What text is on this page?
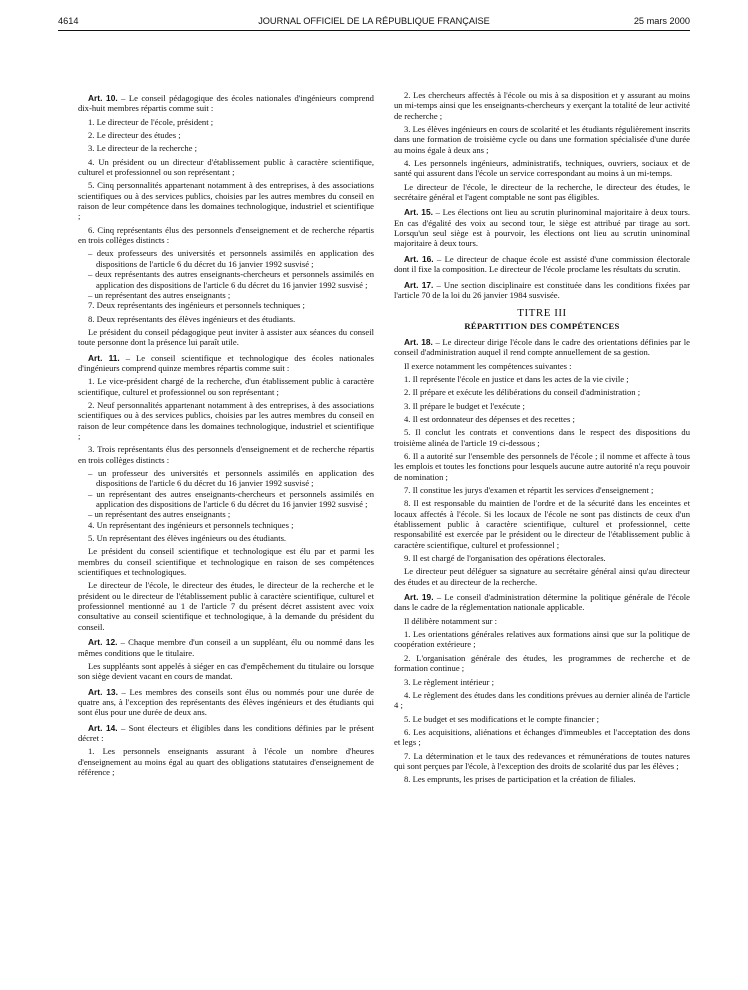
4614	JOURNAL OFFICIEL DE LA RÉPUBLIQUE FRANÇAISE	25 mars 2000

Art. 10. – Le conseil pédagogique des écoles nationales d'ingénieurs comprend dix-huit membres répartis comme suit :

1. Le directeur de l'école, président ;

2. Le directeur des études ;

3. Le directeur de la recherche ;

4. Un président ou un directeur d'établissement public à caractère scientifique, culturel et professionnel ou son représentant ;

5. Cinq personnalités appartenant notamment à des entreprises, à des associations scientifiques ou à des services publics, choisies par les autres membres du conseil en raison de leur compétence dans les domaines technologique, industriel et scientifique ;

6. Cinq représentants élus des personnels d'enseignement et de recherche répartis en trois collèges distincts :

– deux professeurs des universités et personnels assimilés en application des dispositions de l'article 6 du décret du 16 janvier 1992 susvisé ;

– deux représentants des autres enseignants-chercheurs et personnels assimilés en application des dispositions de l'article 6 du décret du 16 janvier 1992 susvisé ;

– un représentant des autres enseignants ;

7. Deux représentants des ingénieurs et personnels techniques ;

8. Deux représentants des élèves ingénieurs et des étudiants.

Le président du conseil pédagogique peut inviter à assister aux séances du conseil toute personne dont la présence lui paraît utile.

Art. 11. – Le conseil scientifique et technologique des écoles nationales d'ingénieurs comprend quinze membres répartis comme suit :

1. Le vice-président chargé de la recherche, d'un établissement public à caractère scientifique, culturel et professionnel ou son représentant ;

2. Neuf personnalités appartenant notamment à des entreprises, à des associations scientifiques ou à des services publics, choisies par les autres membres du conseil en raison de leur compétence dans les domaines technologique, industriel et scientifique ;

3. Trois représentants élus des personnels d'enseignement et de recherche répartis en trois collèges distincts :

– un professeur des universités et personnels assimilés en application des dispositions de l'article 6 du décret du 16 janvier 1992 susvisé ;

– un représentant des autres enseignants-chercheurs et personnels assimilés en application des dispositions de l'article 6 du décret du 16 janvier 1992 susvisé ;

– un représentant des autres enseignants ;

4. Un représentant des ingénieurs et personnels techniques ;

5. Un représentant des élèves ingénieurs ou des étudiants.

Le président du conseil scientifique et technologique est élu par et parmi les membres du conseil scientifique et technologique en raison de ses compétences scientifiques et technologiques.

Le directeur de l'école, le directeur des études, le directeur de la recherche et le président ou le directeur de l'établissement public à caractère scientifique, culturel et professionnel mentionné au 1 de l'article 7 du présent décret assistent avec voix consultative au conseil scientifique et technologique, à la demande du président du conseil.

Art. 12. – Chaque membre d'un conseil a un suppléant, élu ou nommé dans les mêmes conditions que le titulaire.

Les suppléants sont appelés à siéger en cas d'empêchement du titulaire ou lorsque son siège devient vacant en cours de mandat.

Art. 13. – Les membres des conseils sont élus ou nommés pour une durée de quatre ans, à l'exception des représentants des élèves ingénieurs et des étudiants qui sont élus pour une durée de deux ans.

Art. 14. – Sont électeurs et éligibles dans les conditions définies par le présent décret :

1. Les personnels enseignants assurant à l'école un nombre d'heures d'enseignement au moins égal au quart des obligations statutaires d'enseignement de référence ;

2. Les chercheurs affectés à l'école ou mis à sa disposition et y assurant au moins un mi-temps ainsi que les enseignants-chercheurs y exerçant la totalité de leur activité de recherche ;

3. Les élèves ingénieurs en cours de scolarité et les étudiants régulièrement inscrits dans une formation de troisième cycle ou dans une formation spécialisée d'une durée au moins égale à deux ans ;

4. Les personnels ingénieurs, administratifs, techniques, ouvriers, sociaux et de santé qui assurent dans l'école un service correspondant au moins à un mi-temps.

Le directeur de l'école, le directeur de la recherche, le directeur des études, le secrétaire général et l'agent comptable ne sont pas éligibles.

Art. 15. – Les élections ont lieu au scrutin plurinominal majoritaire à deux tours. En cas d'égalité des voix au second tour, le siège est attribué par tirage au sort. Lorsqu'un seul siège est à pourvoir, les élections ont lieu au scrutin uninominal majoritaire à deux tours.

Art. 16. – Le directeur de chaque école est assisté d'une commission électorale dont il fixe la composition. Le directeur de l'école proclame les résultats du scrutin.

Art. 17. – Une section disciplinaire est constituée dans les conditions fixées par l'article 70 de la loi du 26 janvier 1984 susvisée.

TITRE III

RÉPARTITION DES COMPÉTENCES

Art. 18. – Le directeur dirige l'école dans le cadre des orientations définies par le conseil d'administration auquel il rend compte annuellement de sa gestion.

Il exerce notamment les compétences suivantes :

1. Il représente l'école en justice et dans les actes de la vie civile ;

2. Il prépare et exécute les délibérations du conseil d'administration ;

3. Il prépare le budget et l'exécute ;

4. Il est ordonnateur des dépenses et des recettes ;

5. Il conclut les contrats et conventions dans le respect des dispositions du troisième alinéa de l'article 19 ci-dessous ;

6. Il a autorité sur l'ensemble des personnels de l'école ; il nomme et affecte à tous les emplois et toutes les fonctions pour lesquels aucune autre autorité n'a reçu pouvoir de nomination ;

7. Il constitue les jurys d'examen et répartit les services d'enseignement ;

8. Il est responsable du maintien de l'ordre et de la sécurité dans les enceintes et locaux affectés à l'école. Si les locaux de l'école ne sont pas distincts de ceux d'un établissement public à caractère scientifique, culturel et professionnel, cette responsabilité est exercée par le président ou le directeur de l'établissement public à caractère scientifique, culturel et professionnel ;

9. Il est chargé de l'organisation des opérations électorales.

Le directeur peut déléguer sa signature au secrétaire général ainsi qu'au directeur des études et au directeur de la recherche.

Art. 19. – Le conseil d'administration détermine la politique générale de l'école dans le cadre de la réglementation nationale applicable.

Il délibère notamment sur :

1. Les orientations générales relatives aux formations ainsi que sur la politique de coopération extérieure ;

2. L'organisation générale des études, les programmes de recherche et de formation continue ;

3. Le règlement intérieur ;

4. Le règlement des études dans les conditions prévues au dernier alinéa de l'article 4 ;

5. Le budget et ses modifications et le compte financier ;

6. Les acquisitions, aliénations et échanges d'immeubles et l'acceptation des dons et legs ;

7. La détermination et le taux des redevances et rémunérations de toutes natures qui sont perçues par l'école, à l'exception des droits de scolarité dus par les élèves ;

8. Les emprunts, les prises de participation et la création de filiales.
